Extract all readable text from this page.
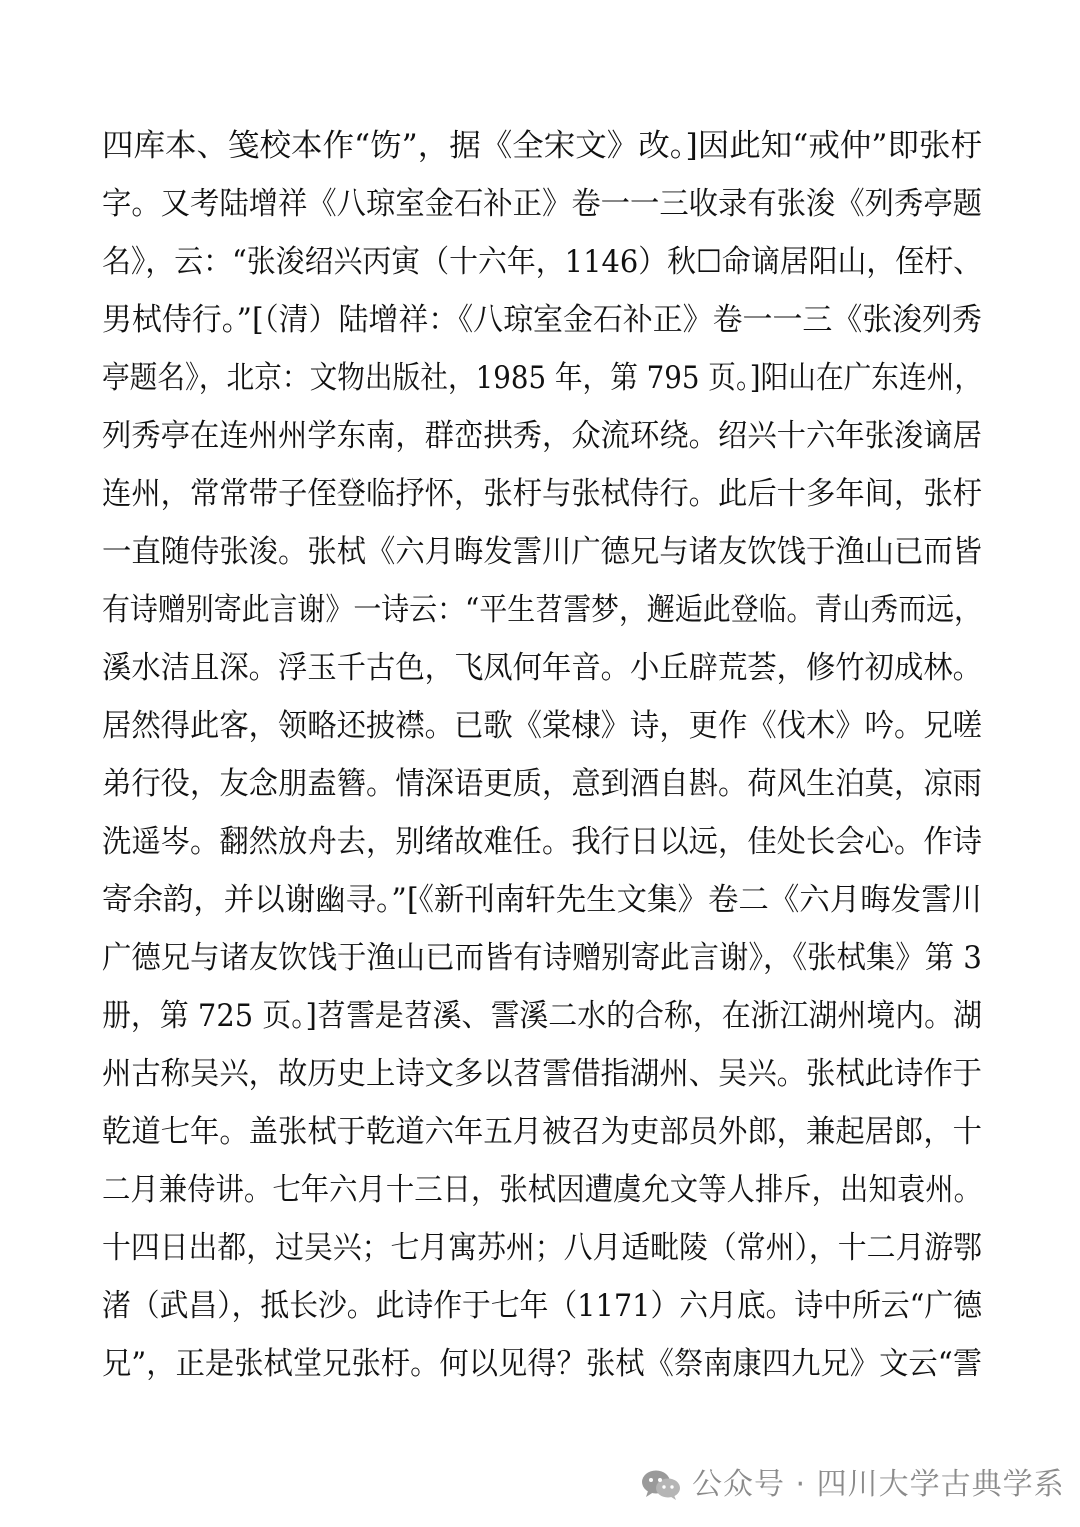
四库本、笺校本作“饬”，据《全宋文》改。]因此知“戒仲”即张杅
字。又考陆增祥《八琼室金石补正》卷一一三收录有张浚《列秀亭题
名》，云：“张浚绍兴丙寅（十六年，1146）秋☐命谪居阳山，侄杅、
男栻侍行。”[（清）陆增祥：《八琼室金石补正》卷一一三《张浚列秀
亭题名》，北京：文物出版社，1985 年，第 795 页。]阳山在广东连州，
列秀亭在连州州学东南，群峦拱秀，众流环绕。绍兴十六年张浚谪居
连州，常常带子侄登临抒怀，张杅与张栻侍行。此后十多年间，张杅
一直随侍张浚。张栻《六月晦发霅川广德兄与诸友饮饯于渔山已而皆
有诗赠别寄此言谢》一诗云：“平生苕霅梦，邂逅此登临。青山秀而远，
溪水洁且深。浮玉千古色，飞凤何年音。小丘辟荒荟，修竹初成林。
居然得此客，领略还披襟。已歌《棠棣》诗，更作《伐木》吟。兄嗟
弟行役，友念朋盍簪。情深语更质，意到酒自斟。荷风生泊莫，凉雨
洗遥岑。翻然放舟去，别绪故难任。我行日以远，佳处长会心。作诗
寄余韵，并以谢幽寻。”[《新刊南轩先生文集》卷二《六月晦发霅川
广德兄与诸友饮饯于渔山已而皆有诗赠别寄此言谢》，《张栻集》第 3
册，第 725 页。]苕霅是苕溪、霅溪二水的合称，在浙江湖州境内。湖
州古称吴兴，故历史上诗文多以苕霅借指湖州、吴兴。张栻此诗作于
乾道七年。盖张栻于乾道六年五月被召为吏部员外郎，兼起居郎，十
二月兼侍讲。七年六月十三日，张栻因遭虞允文等人排斥，出知袁州。
十四日出都，过吴兴；七月寓苏州；八月适毗陵（常州），十二月游鄂
渚（武昌），抵长沙。此诗作于七年（1171）六月底。诗中所云“广德
兄”，正是张栻堂兄张杅。何以见得？张栻《祭南康四九兄》文云“霅
公众号 · 四川大学古典学系
